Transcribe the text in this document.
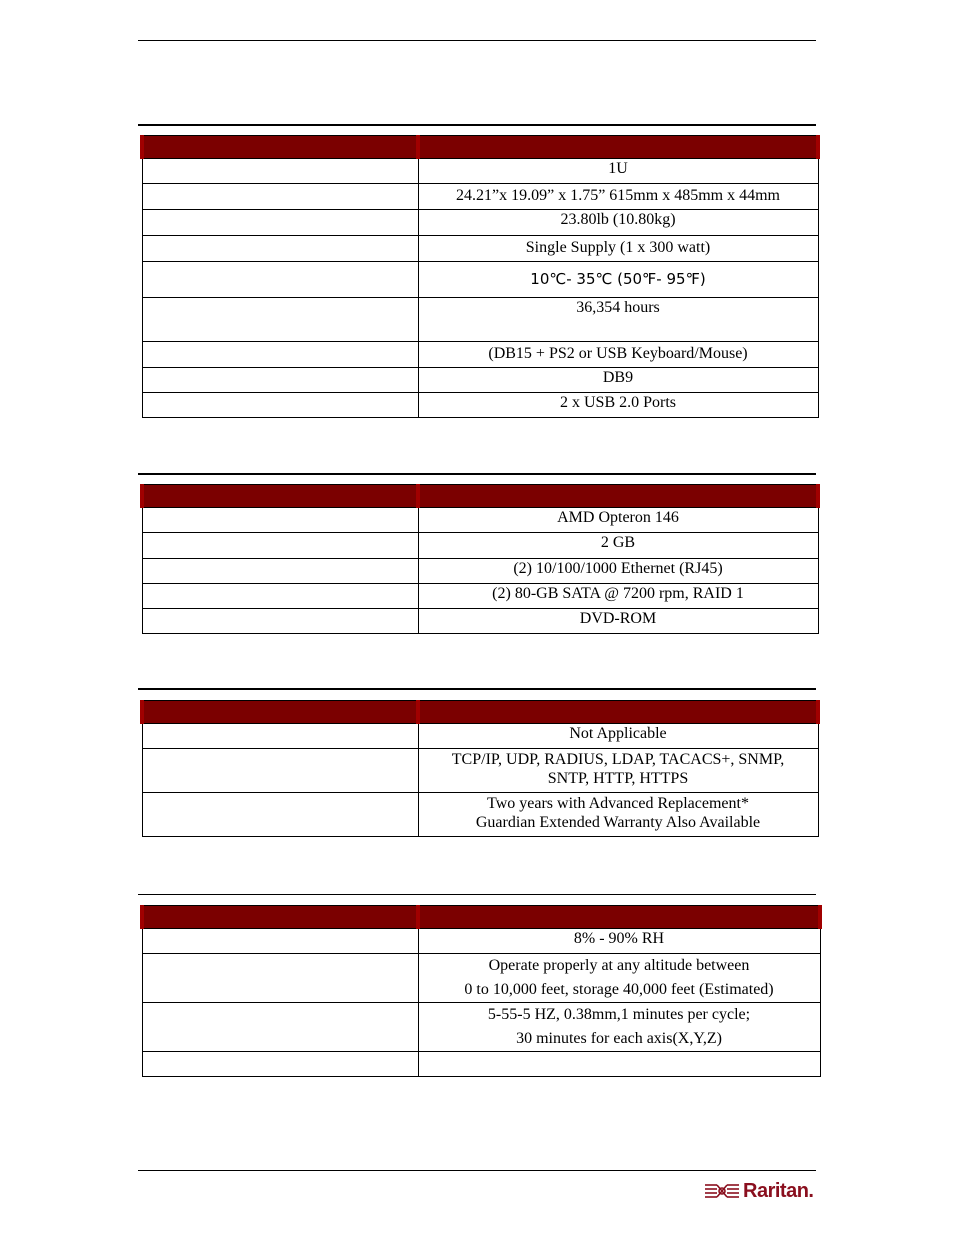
	1U
	24.21”x 19.09” x 1.75” 615mm x 485mm x 44mm
	23.80lb (10.80kg)
	Single Supply (1 x 300 watt)
	10℃- 35℃ (50℉- 95℉)
	36,354 hours
	(DB15 + PS2 or USB Keyboard/Mouse)
	DB9
	2 x USB 2.0 Ports

	AMD Opteron 146
	2 GB
	(2) 10/100/1000 Ethernet (RJ45)
	(2) 80-GB SATA @ 7200 rpm, RAID 1
	DVD-ROM

	Not Applicable
	TCP/IP, UDP, RADIUS, LDAP, TACACS+, SNMP, SNTP, HTTP, HTTPS
	Two years with Advanced Replacement*
Guardian Extended Warranty Also Available

	8% - 90% RH
	Operate properly at any altitude between
0 to 10,000 feet, storage 40,000 feet (Estimated)
	5-55-5 HZ, 0.38mm,1 minutes per cycle;
30 minutes for each axis(X,Y,Z)

Raritan.
